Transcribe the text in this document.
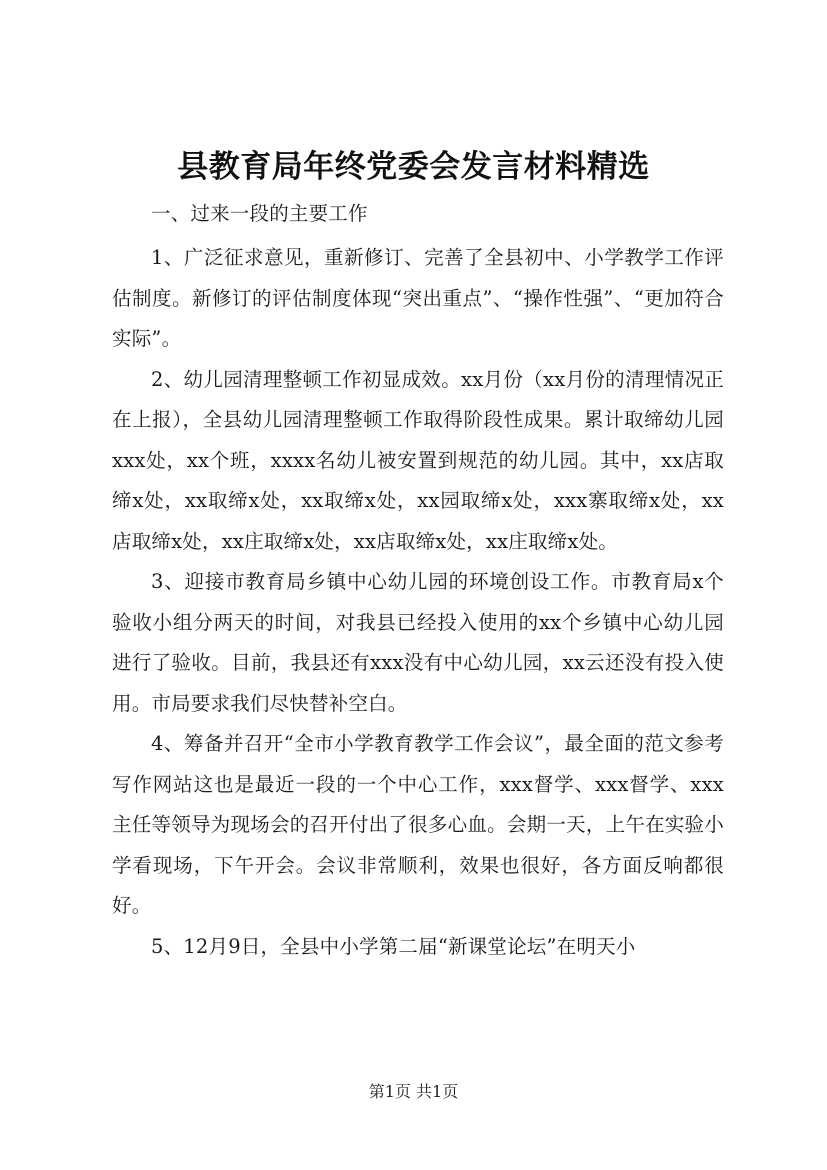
县教育局年终党委会发言材料精选

一、过来一段的主要工作

1、广泛征求意见，重新修订、完善了全县初中、小学教学工作评估制度。新修订的评估制度体现“突出重点”、“操作性强”、“更加符合实际”。

2、幼儿园清理整顿工作初显成效。xx月份（xx月份的清理情况正在上报），全县幼儿园清理整顿工作取得阶段性成果。累计取缔幼儿园xxx处，xx个班，xxxx名幼儿被安置到规范的幼儿园。其中，xx店取缔x处，xx取缔x处，xx取缔x处，xx园取缔x处，xxx寨取缔x处，xx店取缔x处，xx庄取缔x处，xx店取缔x处，xx庄取缔x处。

3、迎接市教育局乡镇中心幼儿园的环境创设工作。市教育局x个验收小组分两天的时间，对我县已经投入使用的xx个乡镇中心幼儿园进行了验收。目前，我县还有xxx没有中心幼儿园，xx云还没有投入使用。市局要求我们尽快替补空白。

4、筹备并召开“全市小学教育教学工作会议”，最全面的范文参考写作网站这也是最近一段的一个中心工作，xxx督学、xxx督学、xxx主任等领导为现场会的召开付出了很多心血。会期一天，上午在实验小学看现场，下午开会。会议非常顺利，效果也很好，各方面反响都很好。

5、12月9日，全县中小学第二届“新课堂论坛”在明天小

第1页 共1页
